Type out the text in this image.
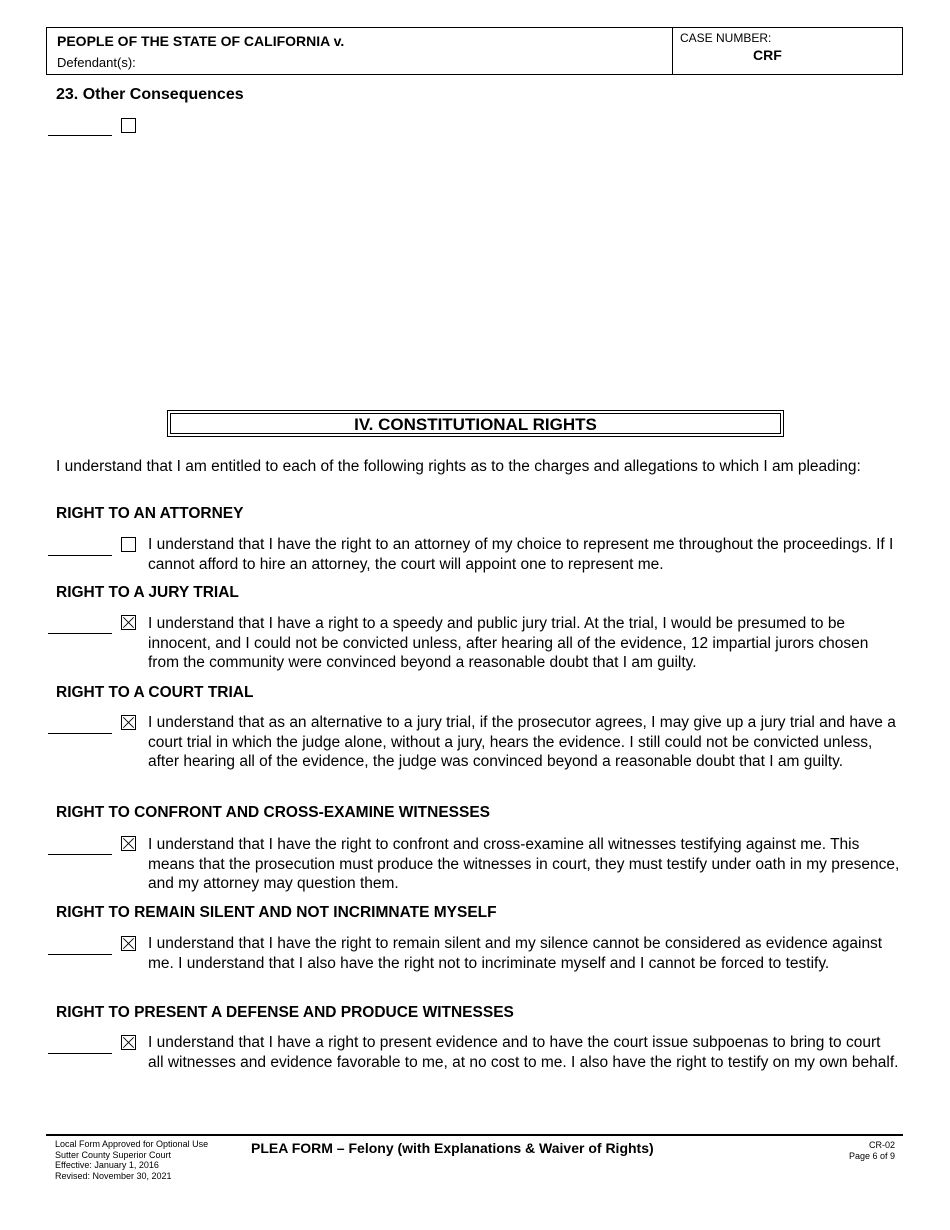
PEOPLE OF THE STATE OF CALIFORNIA v.
Defendant(s):
CASE NUMBER:
CRF
23. Other Consequences
IV. CONSTITUTIONAL RIGHTS
I understand that I am entitled to each of the following rights as to the charges and allegations to which I am pleading:
RIGHT TO AN ATTORNEY
I understand that I have the right to an attorney of my choice to represent me throughout the proceedings. If I cannot afford to hire an attorney, the court will appoint one to represent me.
RIGHT TO A JURY TRIAL
I understand that I have a right to a speedy and public jury trial. At the trial, I would be presumed to be innocent, and I could not be convicted unless, after hearing all of the evidence, 12 impartial jurors chosen from the community were convinced beyond a reasonable doubt that I am guilty.
RIGHT TO A COURT TRIAL
I understand that as an alternative to a jury trial, if the prosecutor agrees, I may give up a jury trial and have a court trial in which the judge alone, without a jury, hears the evidence. I still could not be convicted unless, after hearing all of the evidence, the judge was convinced beyond a reasonable doubt that I am guilty.
RIGHT TO CONFRONT AND CROSS-EXAMINE WITNESSES
I understand that I have the right to confront and cross-examine all witnesses testifying against me. This means that the prosecution must produce the witnesses in court, they must testify under oath in my presence, and my attorney may question them.
RIGHT TO REMAIN SILENT AND NOT INCRIMNATE MYSELF
I understand that I have the right to remain silent and my silence cannot be considered as evidence against me. I understand that I also have the right not to incriminate myself and I cannot be forced to testify.
RIGHT TO PRESENT A DEFENSE AND PRODUCE WITNESSES
I understand that I have a right to present evidence and to have the court issue subpoenas to bring to court all witnesses and evidence favorable to me, at no cost to me. I also have the right to testify on my own behalf.
Local Form Approved for Optional Use
Sutter County Superior Court
Effective: January 1, 2016
Revised: November 30, 2021
PLEA FORM – Felony (with Explanations & Waiver of Rights)	CR-02
Page 6 of 9
